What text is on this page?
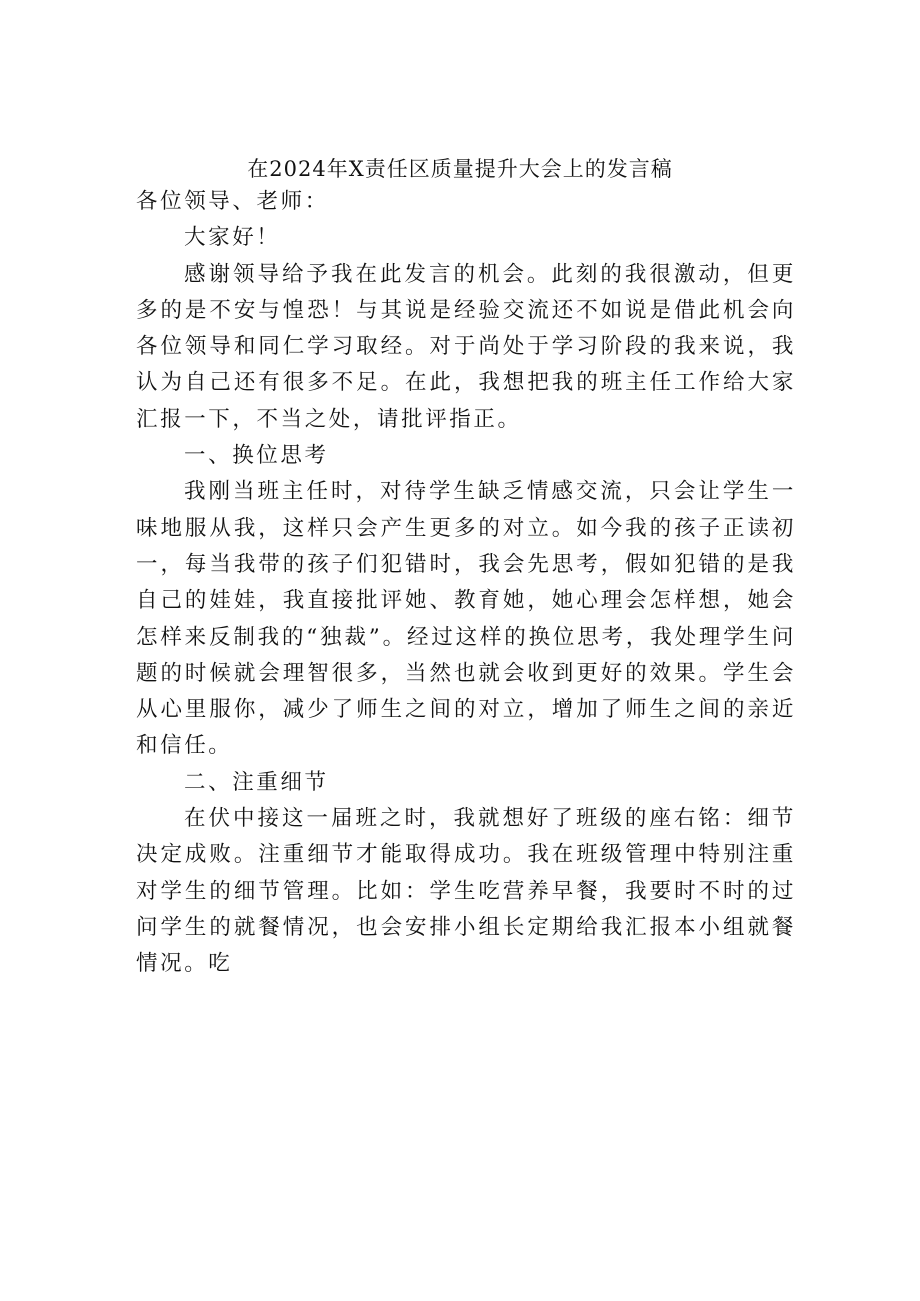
在2024年X责任区质量提升大会上的发言稿

各位领导、老师：

大家好！

感谢领导给予我在此发言的机会。此刻的我很激动，但更多的是不安与惶恐！与其说是经验交流还不如说是借此机会向各位领导和同仁学习取经。对于尚处于学习阶段的我来说，我认为自己还有很多不足。在此，我想把我的班主任工作给大家汇报一下，不当之处，请批评指正。

一、换位思考

我刚当班主任时，对待学生缺乏情感交流，只会让学生一味地服从我，这样只会产生更多的对立。如今我的孩子正读初一，每当我带的孩子们犯错时，我会先思考，假如犯错的是我自己的娃娃，我直接批评她、教育她，她心理会怎样想，她会怎样来反制我的“独裁”。经过这样的换位思考，我处理学生问题的时候就会理智很多，当然也就会收到更好的效果。学生会从心里服你，减少了师生之间的对立，增加了师生之间的亲近和信任。

二、注重细节

在伏中接这一届班之时，我就想好了班级的座右铭：细节决定成败。注重细节才能取得成功。我在班级管理中特别注重对学生的细节管理。比如：学生吃营养早餐，我要时不时的过问学生的就餐情况，也会安排小组长定期给我汇报本小组就餐情况。吃
